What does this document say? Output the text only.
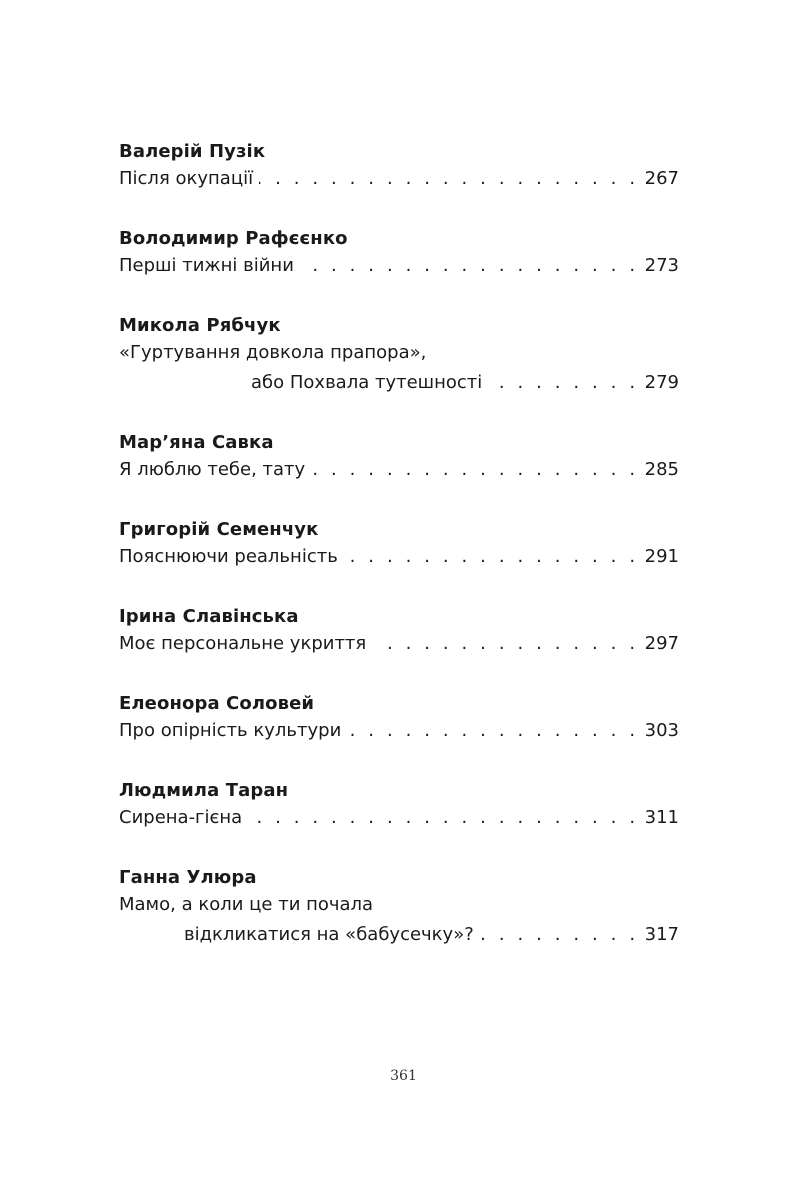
Валерій Пузік
Після окупації . . .	267
Володимир Рафєєнко
Перші тижні війни . . .	273
Микола Рябчук
«Гуртування довкола прапора»,
або Похвала тутешності . . .	279
Мар’яна Савка
Я люблю тебе, тату . . .	285
Григорій Семенчук
Пояснюючи реальність . . .	291
Ірина Славінська
Моє персональне укриття . . .	297
Елеонора Соловей
Про опірність культури . . .	303
Людмила Таран
Сирена-гієна . . .	311
Ганна Улюра
Мамо, а коли це ти почала
відкликатися на «бабусечку»? . . .	317
361
